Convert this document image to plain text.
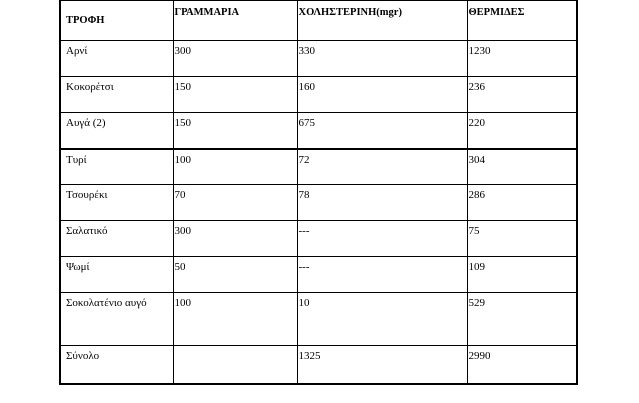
ΤΡΟΦΗ	ΓΡΑΜΜΑΡΙΑ	ΧΟΛΗΣΤΕΡΙΝΗ(mgr)	ΘΕΡΜΙΔΕΣ
Αρνί	300	330	1230
Κοκορέτσι	150	160	236
Αυγά (2)	150	675	220
Τυρί	100	72	304
Τσουρέκι	70	78	286
Σαλατικό	300	---	75
Ψωμί	50	---	109
Σοκολατένιο αυγό	100	10	529
Σύνολο		1325	2990
